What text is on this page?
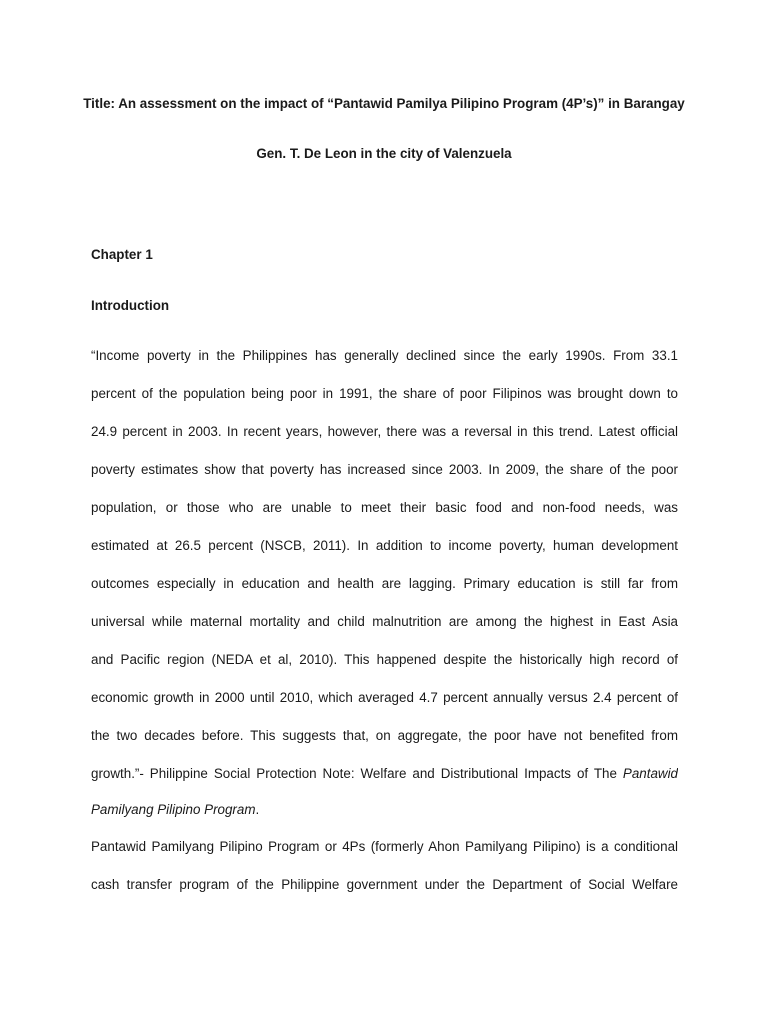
Title: An assessment on the impact of “Pantawid Pamilya Pilipino Program (4P’s)” in Barangay
Gen. T. De Leon in the city of Valenzuela
Chapter 1
Introduction
“Income poverty in the Philippines has generally declined since the early 1990s. From 33.1
percent of the population being poor in 1991, the share of poor Filipinos was brought down to
24.9 percent in 2003. In recent years, however, there was a reversal in this trend. Latest official
poverty estimates show that poverty has increased since 2003. In 2009, the share of the poor
population, or those who are unable to meet their basic food and non-food needs, was
estimated at 26.5 percent (NSCB, 2011). In addition to income poverty, human development
outcomes especially in education and health are lagging. Primary education is still far from
universal while maternal mortality and child malnutrition are among the highest in East Asia
and Pacific region (NEDA et al, 2010). This happened despite the historically high record of
economic growth in 2000 until 2010, which averaged 4.7 percent annually versus 2.4 percent of
the two decades before. This suggests that, on aggregate, the poor have not benefited from
growth.”- Philippine Social Protection Note: Welfare and Distributional Impacts of The Pantawid
Pamilyang Pilipino Program.
Pantawid Pamilyang Pilipino Program or 4Ps (formerly Ahon Pamilyang Pilipino) is a conditional
cash transfer program of the Philippine government under the Department of Social Welfare
